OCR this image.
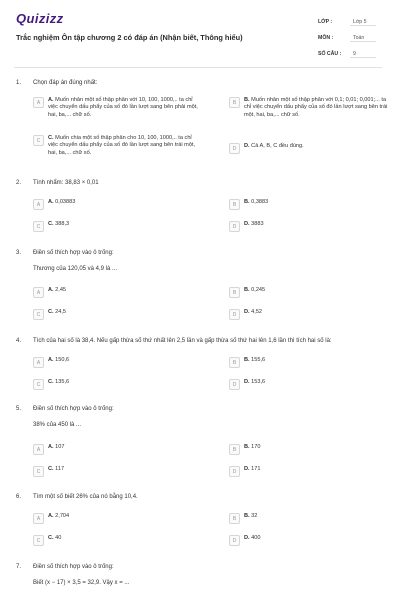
Quizizz
Trắc nghiệm Ôn tập chương 2 có đáp án (Nhận biết, Thông hiểu)
LỚP :	Lớp 5
MÔN :	Toán
SỐ CÂU :	9
1. Chọn đáp án đúng nhất:
A	A. Muốn nhân một số thập phân với 10, 100, 1000,.. ta chỉ việc chuyển dấu phẩy của số đó lần lượt sang bên phải một, hai, ba,... chữ số.
B	B. Muốn nhân một số thập phân với 0,1; 0,01; 0,001;... ta chỉ việc chuyển dấu phẩy của số đó lần lượt sang bên trái một, hai, ba,... chữ số.
C	C. Muốn chia một số thập phân cho 10, 100, 1000,.. ta chỉ việc chuyển dấu phẩy của số đó lần lượt sang bên trái một, hai, ba,... chữ số.
D	D. Cả A, B, C đều đúng.
2. Tính nhẩm: 38,83 × 0,01
A	A. 0,03883	B	B. 0,3883
C	C. 388,3	D	D. 3883
3. Điền số thích hợp vào ô trống:
Thương của 120,05 và 4,9 là ...
A	A. 2,45	B	B. 0,245
C	C. 24,5	D	D. 4,52
4. Tích của hai số là 38,4. Nếu gấp thừa số thứ nhất lên 2,5 lần và gấp thừa số thứ hai lên 1,6 lần thì tích hai số là:
A	A. 150,6	B	B. 155,6
C	C. 135,6	D	D. 153,6
5. Điền số thích hợp vào ô trống:
38% của 450 là ...
A	A. 107	B	B. 170
C	C. 117	D	D. 171
6. Tìm một số biết 26% của nó bằng 10,4.
A	A. 2,704	B	B. 32
C	C. 40	D	D. 400
7. Điền số thích hợp vào ô trống:
Biết (x − 17) × 3,5 = 32,9. Vậy x = ...
